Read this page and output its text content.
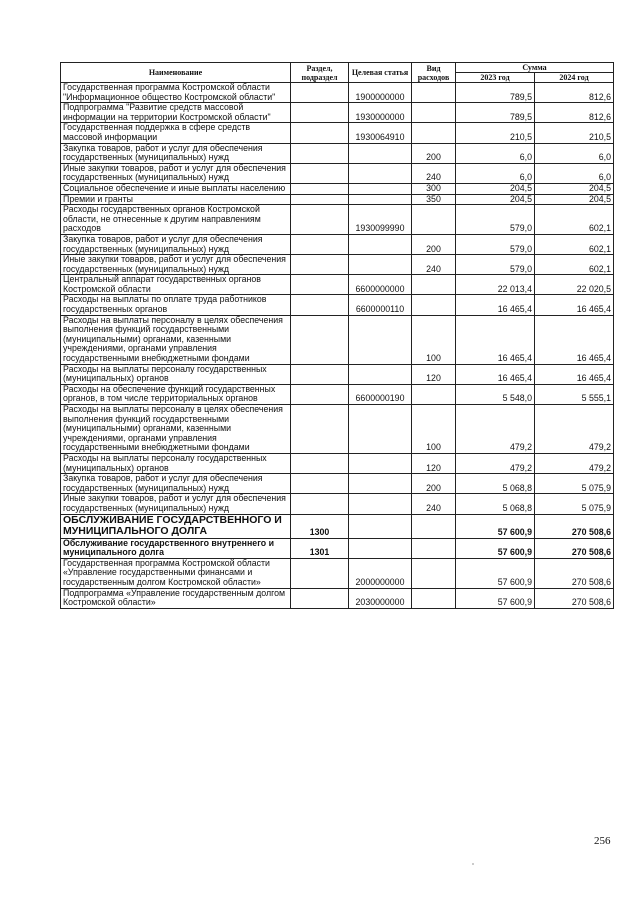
Наименование	Раздел, подраздел	Целевая статья	Вид расходов	Сумма	
				2023 год	2024 год
Государственная программа Костромской области "Информационное общество Костромской области"		1900000000		789,5	812,6
Подпрограмма "Развитие средств массовой информации на территории Костромской области"		1930000000		789,5	812,6
Государственная поддержка в сфере средств массовой информации		1930064910		210,5	210,5
Закупка товаров, работ и услуг для обеспечения государственных (муниципальных) нужд			200	6,0	6,0
Иные закупки товаров, работ и услуг для обеспечения государственных (муниципальных) нужд			240	6,0	6,0
Социальное обеспечение и иные выплаты населению			300	204,5	204,5
Премии и гранты			350	204,5	204,5
Расходы государственных органов Костромской области, не отнесенные к другим направлениям расходов		1930099990		579,0	602,1
Закупка товаров, работ и услуг для обеспечения государственных (муниципальных) нужд			200	579,0	602,1
Иные закупки товаров, работ и услуг для обеспечения государственных (муниципальных) нужд			240	579,0	602,1
Центральный аппарат государственных органов Костромской области		6600000000		22 013,4	22 020,5
Расходы на выплаты по оплате труда работников государственных органов		6600000110		16 465,4	16 465,4
Расходы на выплаты персоналу в целях обеспечения выполнения функций государственными (муниципальными) органами, казенными учреждениями, органами управления государственными внебюджетными фондами			100	16 465,4	16 465,4
Расходы на выплаты персоналу государственных (муниципальных) органов			120	16 465,4	16 465,4
Расходы на обеспечение функций государственных органов, в том числе территориальных органов		6600000190		5 548,0	5 555,1
Расходы на выплаты персоналу в целях обеспечения выполнения функций государственными (муниципальными) органами, казенными учреждениями, органами управления государственными внебюджетными фондами			100	479,2	479,2
Расходы на выплаты персоналу государственных (муниципальных) органов			120	479,2	479,2
Закупка товаров, работ и услуг для обеспечения государственных (муниципальных) нужд			200	5 068,8	5 075,9
Иные закупки товаров, работ и услуг для обеспечения государственных (муниципальных) нужд			240	5 068,8	5 075,9
ОБСЛУЖИВАНИЕ ГОСУДАРСТВЕННОГО И МУНИЦИПАЛЬНОГО ДОЛГА	1300			57 600,9	270 508,6
Обслуживание государственного внутреннего и муниципального долга	1301			57 600,9	270 508,6
Государственная программа Костромской области «Управление государственными финансами и государственным долгом Костромской области»		2000000000		57 600,9	270 508,6
Подпрограмма «Управление государственным долгом Костромской области»		2030000000		57 600,9	270 508,6
256
